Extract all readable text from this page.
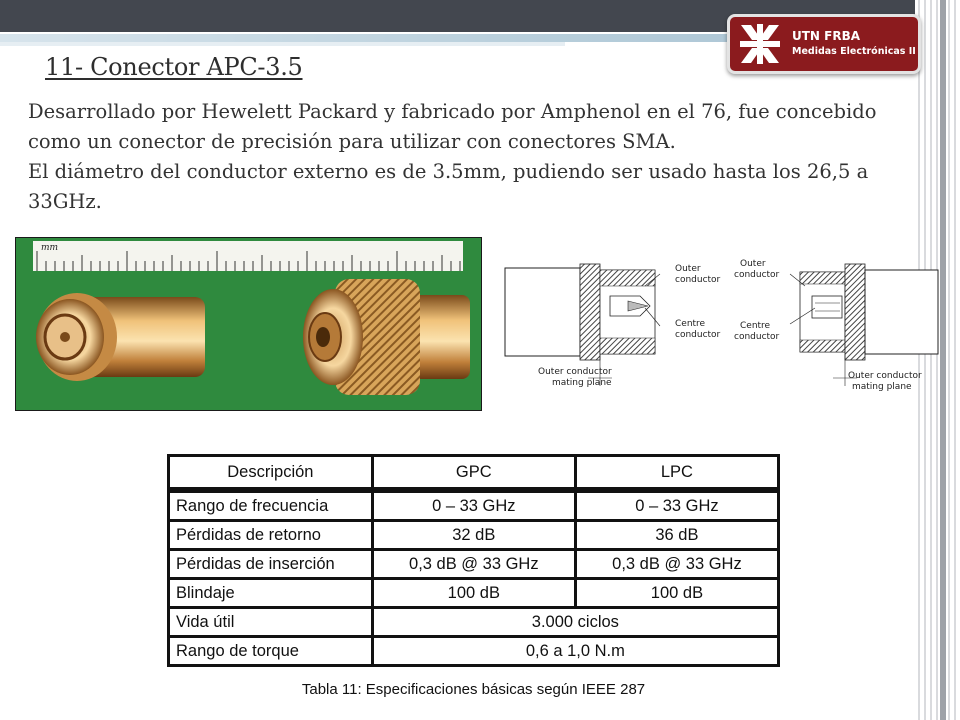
UTN FRBA
Medidas Electrónicas II
11- Conector APC-3.5

Desarrollado por Hewelett Packard y fabricado por Amphenol en el 76, fue concebido como un conector de precisión para utilizar con conectores SMA.

El diámetro del conductor externo es de 3.5mm, pudiendo ser usado hasta los 26,5 a 33GHz.

mm
Outer conductor
Centre conductor
Outer conductor mating plane
Outer conductor
Centre conductor
Outer conductor mating plane
Descripción	GPC	LPC
Rango de frecuencia	0 – 33 GHz	0 – 33 GHz
Pérdidas de retorno	32 dB	36 dB
Pérdidas de inserción	0,3 dB @ 33 GHz	0,3 dB @ 33 GHz
Blindaje	100 dB	100 dB
Vida útil	3.000 ciclos	
Rango de torque	0,6 a 1,0 N.m	
Tabla 11: Especificaciones básicas según IEEE 287
